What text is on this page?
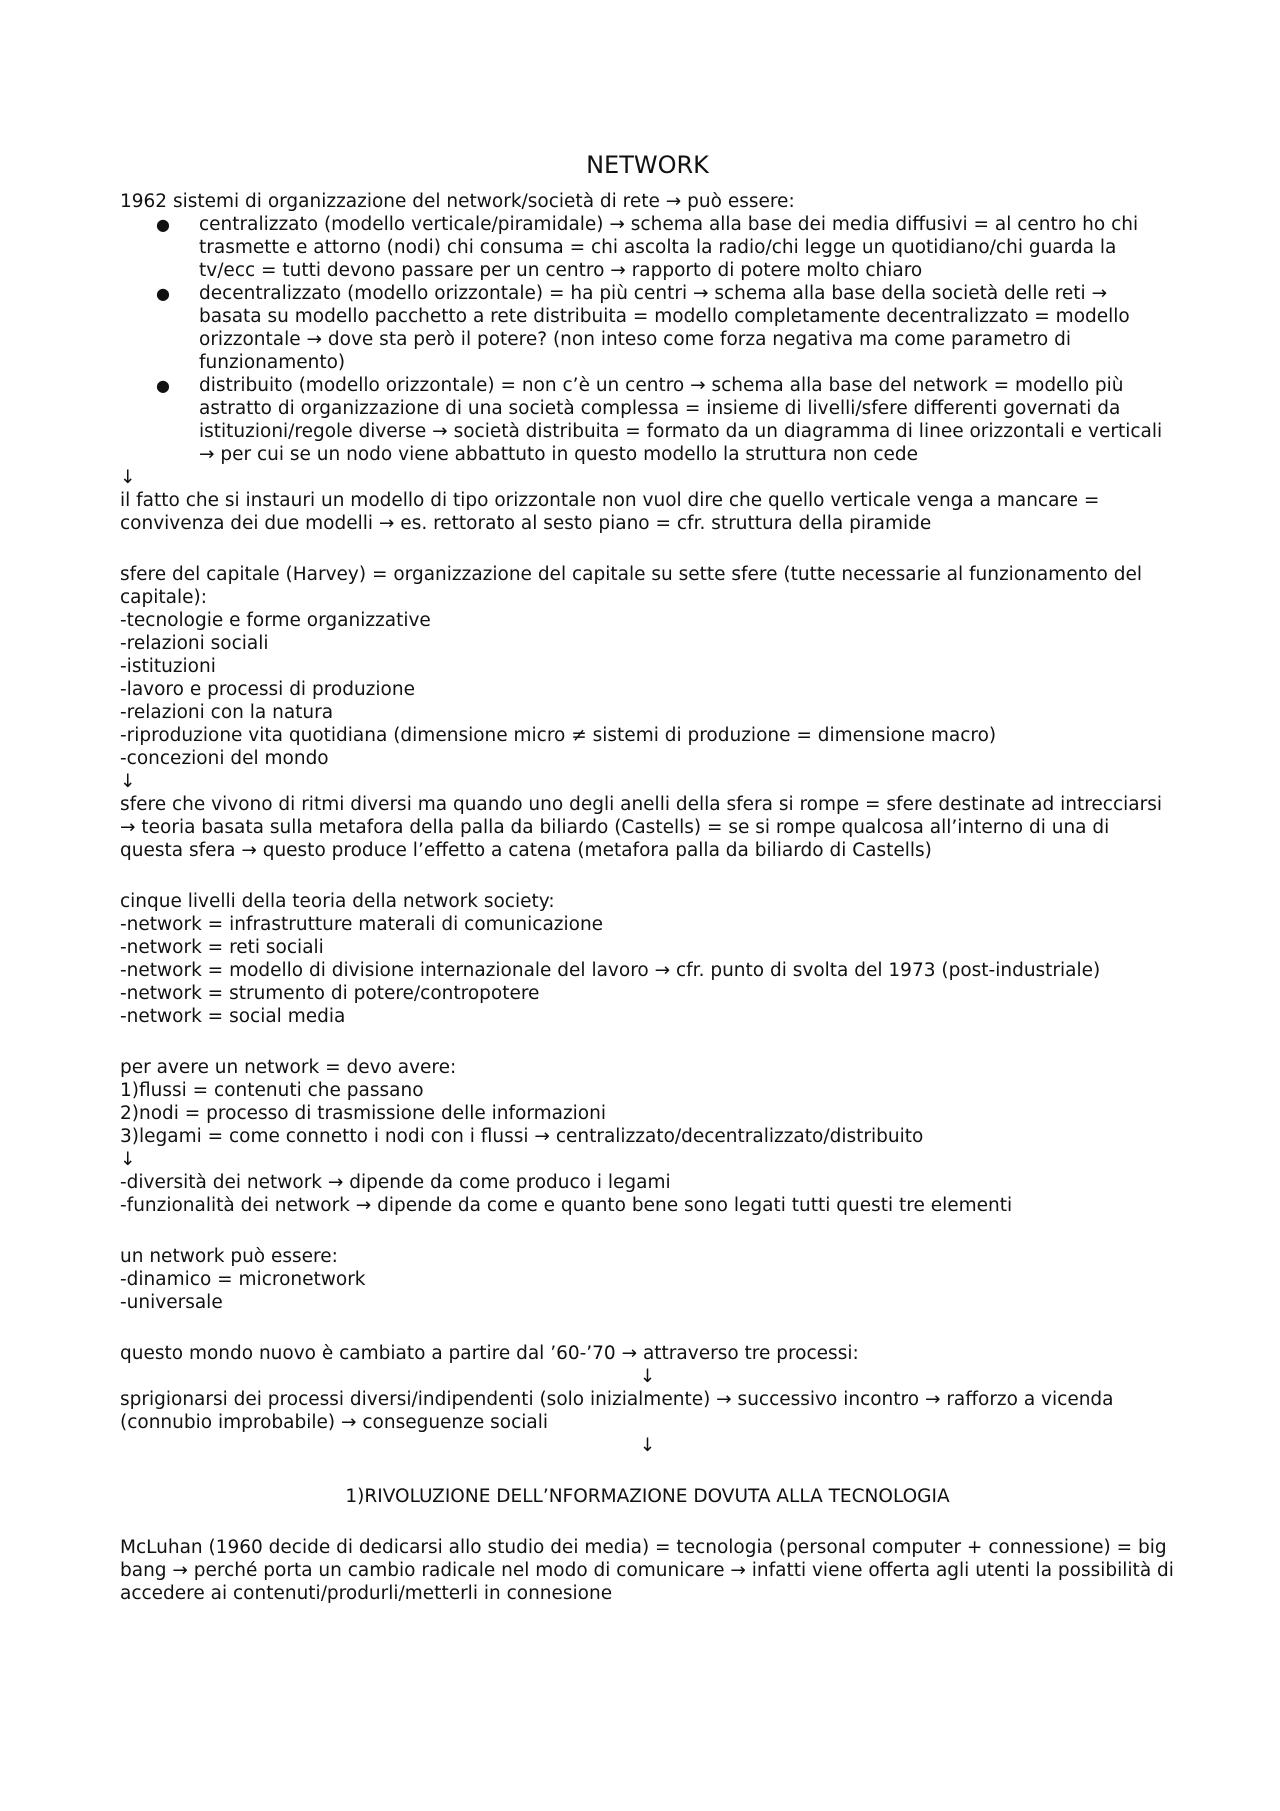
NETWORK

1962 sistemi di organizzazione del network/società di rete → può essere:

● centralizzato (modello verticale/piramidale) → schema alla base dei media diffusivi = al centro ho chi trasmette e attorno (nodi) chi consuma = chi ascolta la radio/chi legge un quotidiano/chi guarda la tv/ecc = tutti devono passare per un centro → rapporto di potere molto chiaro
● decentralizzato (modello orizzontale) = ha più centri → schema alla base della società delle reti → basata su modello pacchetto a rete distribuita = modello completamente decentralizzato = modello orizzontale → dove sta però il potere? (non inteso come forza negativa ma come parametro di funzionamento)
● distribuito (modello orizzontale) = non c’è un centro → schema alla base del network = modello più astratto di organizzazione di una società complessa = insieme di livelli/sfere differenti governati da istituzioni/regole diverse → società distribuita = formato da un diagramma di linee orizzontali e verticali → per cui se un nodo viene abbattuto in questo modello la struttura non cede

↓

il fatto che si instauri un modello di tipo orizzontale non vuol dire che quello verticale venga a mancare = convivenza dei due modelli → es. rettorato al sesto piano = cfr. struttura della piramide

sfere del capitale (Harvey) = organizzazione del capitale su sette sfere (tutte necessarie al funzionamento del capitale):

-tecnologie e forme organizzative

-relazioni sociali

-istituzioni

-lavoro e processi di produzione

-relazioni con la natura

-riproduzione vita quotidiana (dimensione micro ≠ sistemi di produzione = dimensione macro)

-concezioni del mondo

↓

sfere che vivono di ritmi diversi ma quando uno degli anelli della sfera si rompe = sfere destinate ad intrecciarsi → teoria basata sulla metafora della palla da biliardo (Castells) = se si rompe qualcosa all’interno di una di questa sfera → questo produce l’effetto a catena (metafora palla da biliardo di Castells)

cinque livelli della teoria della network society:

-network = infrastrutture materali di comunicazione

-network = reti sociali

-network = modello di divisione internazionale del lavoro → cfr. punto di svolta del 1973 (post-industriale)

-network = strumento di potere/contropotere

-network = social media

per avere un network = devo avere:

1)flussi = contenuti che passano

2)nodi = processo di trasmissione delle informazioni

3)legami = come connetto i nodi con i flussi → centralizzato/decentralizzato/distribuito

↓

-diversità dei network → dipende da come produco i legami

-funzionalità dei network → dipende da come e quanto bene sono legati tutti questi tre elementi

un network può essere:

-dinamico = micronetwork

-universale

questo mondo nuovo è cambiato a partire dal ’60-’70 → attraverso tre processi:

↓

sprigionarsi dei processi diversi/indipendenti (solo inizialmente) → successivo incontro → rafforzo a vicenda (connubio improbabile) → conseguenze sociali

↓

1)RIVOLUZIONE DELL’NFORMAZIONE DOVUTA ALLA TECNOLOGIA

McLuhan (1960 decide di dedicarsi allo studio dei media) = tecnologia (personal computer + connessione) = big bang → perché porta un cambio radicale nel modo di comunicare → infatti viene offerta agli utenti la possibilità di accedere ai contenuti/produrli/metterli in connesione
